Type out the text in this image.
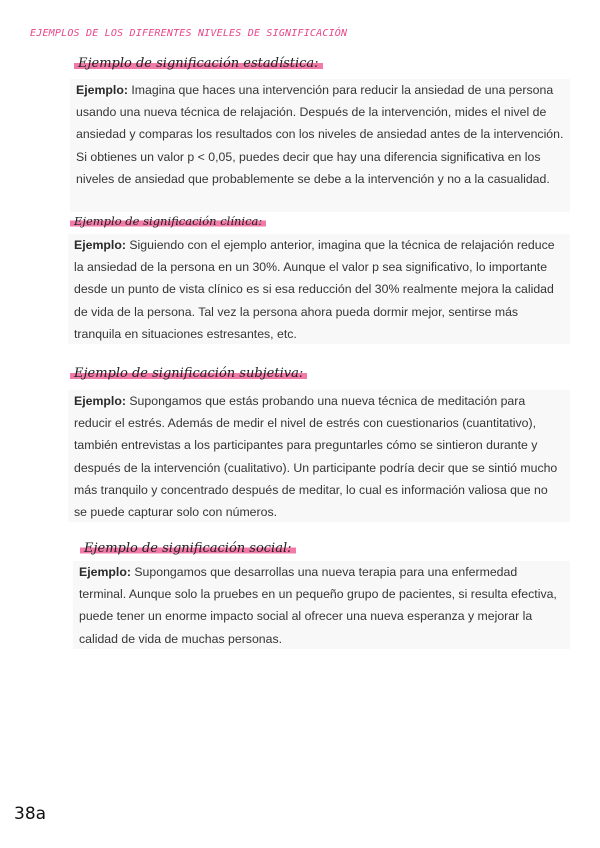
EJEMPLOS DE LOS DIFERENTES NIVELES DE SIGNIFICACIÓN
Ejemplo de significación estadística:
Ejemplo: Imagina que haces una intervención para reducir la ansiedad de una persona usando una nueva técnica de relajación. Después de la intervención, mides el nivel de ansiedad y comparas los resultados con los niveles de ansiedad antes de la intervención. Si obtienes un valor p < 0,05, puedes decir que hay una diferencia significativa en los niveles de ansiedad que probablemente se debe a la intervención y no a la casualidad.
Ejemplo de significación clínica:
Ejemplo: Siguiendo con el ejemplo anterior, imagina que la técnica de relajación reduce la ansiedad de la persona en un 30%. Aunque el valor p sea significativo, lo importante desde un punto de vista clínico es si esa reducción del 30% realmente mejora la calidad de vida de la persona. Tal vez la persona ahora pueda dormir mejor, sentirse más tranquila en situaciones estresantes, etc.
Ejemplo de significación subjetiva:
Ejemplo: Supongamos que estás probando una nueva técnica de meditación para reducir el estrés. Además de medir el nivel de estrés con cuestionarios (cuantitativo), también entrevistas a los participantes para preguntarles cómo se sintieron durante y después de la intervención (cualitativo). Un participante podría decir que se sintió mucho más tranquilo y concentrado después de meditar, lo cual es información valiosa que no se puede capturar solo con números.
Ejemplo de significación social:
Ejemplo: Supongamos que desarrollas una nueva terapia para una enfermedad terminal. Aunque solo la pruebes en un pequeño grupo de pacientes, si resulta efectiva, puede tener un enorme impacto social al ofrecer una nueva esperanza y mejorar la calidad de vida de muchas personas.
38a
